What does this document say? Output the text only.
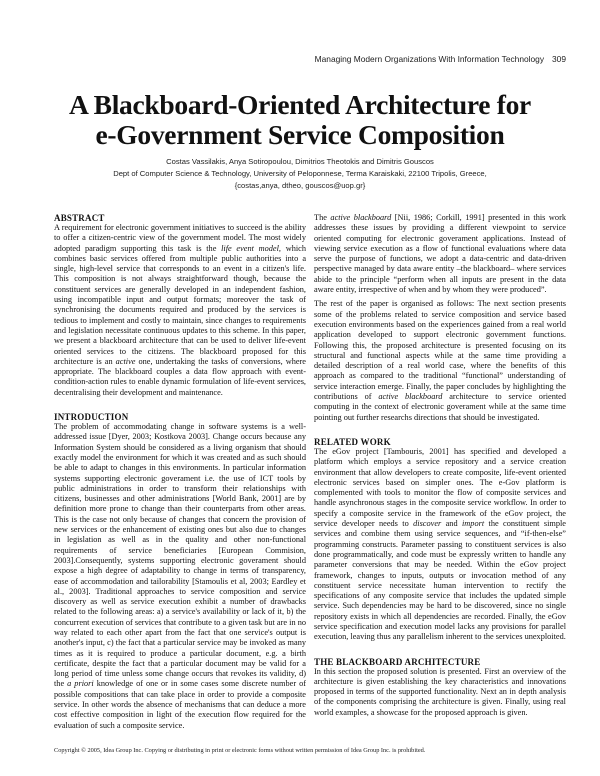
Managing Modern Organizations With Information Technology 309
A Blackboard-Oriented Architecture for
e-Government Service Composition
Costas Vassilakis, Anya Sotiropoulou, Dimitrios Theotokis and Dimitris Gouscos
Dept of Computer Science & Technology, University of Peloponnese, Terma Karaiskaki, 22100 Tripolis, Greece,
{costas,anya, dtheo, gouscos@uop.gr}
ABSTRACT

A requirement for electronic government initiatives to succeed is the ability to offer a citizen-centric view of the government model. The most widely adopted paradigm supporting this task is the life event model, which combines basic services offered from multiple public authorities into a single, high-level service that corresponds to an event in a citizen's life. This composition is not always straightforward though, because the constituent services are generally developed in an independent fashion, using incompatible input and output formats; moreover the task of synchronising the documents required and produced by the services is tedious to implement and costly to maintain, since changes to requirements and legislation necessitate continuous updates to this scheme. In this paper, we present a blackboard architecture that can be used to deliver life-event oriented services to the citizens. The blackboard proposed for this architecture is an active one, undertaking the tasks of conversions, where appropriate. The blackboard couples a data flow approach with event-condition-action rules to enable dynamic formulation of life-event services, decentralising their development and maintenance.

INTRODUCTION

The problem of accommodating change in software systems is a well-addressed issue [Dyer, 2003; Kostkova 2003]. Change occurs because any Information System should be considered as a living organism that should exactly model the environment for which it was created and as such should be able to adapt to changes in this environments. In particular information systems supporting electronic goverament i.e. the use of ICT tools by public administrations in order to transform their relationships with citizens, businesses and other administrations [World Bank, 2001] are by definition more prone to change than their counterparts from other areas. This is the case not only because of changes that concern the provision of new services or the enhancement of existing ones but also due to changes in legislation as well as in the quality and other non-functional requirements of service beneficiaries [European Commision, 2003].Consequently, systems supporting electronic goverament should expose a high degree of adaptability to change in terms of transparency, ease of accommodation and tailorability [Stamoulis et al, 2003; Eardley et al., 2003]. Traditional approaches to service composition and service discovery as well as service execution exhibit a number of drawbacks related to the following areas: a) a service's availability or lack of it, b) the concurrent execution of services that contribute to a given task but are in no way related to each other apart from the fact that one service's output is another's input, c) the fact that a particular service may be invoked as many times as it is required to produce a particular document, e.g. a birth certificate, despite the fact that a particular document may be valid for a long period of time unless some change occurs that revokes its validity, d) the a priori knowledge of one or in some cases some discrete number of possible compositions that can take place in order to provide a composite service. In other words the absence of mechanisms that can deduce a more cost effective composition in light of the execution flow required for the evaluation of such a composite service.

The active blackboard [Nii, 1986; Corkill, 1991] presented in this work addresses these issues by providing a different viewpoint to service oriented computing for electronic goverament applications. Instead of viewing service execution as a flow of functional evaluations where data serve the purpose of functions, we adopt a data-centric and data-driven perspective managed by data aware entity –the blackboard– where services abide to the principle “perform when all inputs are present in the data aware entity, irrespective of when and by whom they were produced”.

The rest of the paper is organised as follows: The next section presents some of the problems related to service composition and service based execution environments based on the experiences gained from a real world application developed to support electronic government functions. Following this, the proposed architecture is presented focusing on its structural and functional aspects while at the same time providing a detailed description of a real world case, where the benefits of this approach as compared to the traditional “functional” understanding of service interaction emerge. Finally, the paper concludes by highlighting the contributions of active blackboard architecture to service oriented computing in the context of electronic goverament while at the same time pointing out further researchs directions that should be investigated.

RELATED WORK

The eGov project [Tambouris, 2001] has specified and developed a platform which employs a service repository and a service creation environment that allow developers to create composite, life-event oriented electronic services based on simpler ones. The e-Gov platform is complemented with tools to monitor the flow of composite services and handle asynchronous stages in the composite service workflow. In order to specify a composite service in the framework of the eGov project, the service developer needs to discover and import the constituent simple services and combine them using service sequences, and “if-then-else” programming constructs. Parameter passing to constituent services is also done programmatically, and code must be expressly written to handle any parameter conversions that may be needed. Within the eGov project framework, changes to inputs, outputs or invocation method of any constituent service necessitate human intervention to rectify the specifications of any composite service that includes the updated simple service. Such dependencies may be hard to be discovered, since no single repository exists in which all dependencies are recorded. Finally, the eGov service specification and execution model lacks any provisions for parallel execution, leaving thus any parallelism inherent to the services unexploited.

THE BLACKBOARD ARCHITECTURE

In this section the proposed solution is presented. First an overview of the architecture is given establishing the key characteristics and innovations proposed in terms of the supported functionality. Next an in depth analysis of the components comprising the architecture is given. Finally, using real world examples, a showcase for the proposed approach is given.

Copyright © 2005, Idea Group Inc. Copying or distributing in print or electronic forms without written permission of Idea Group Inc. is prohibited.
